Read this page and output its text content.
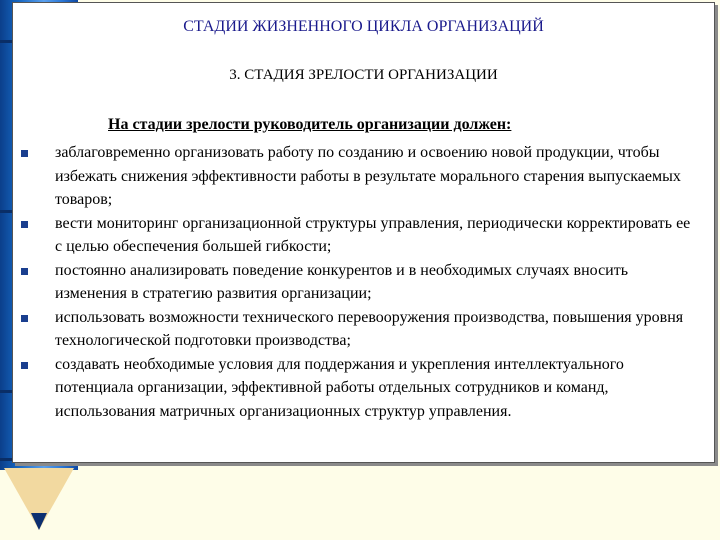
СТАДИИ ЖИЗНЕННОГО ЦИКЛА ОРГАНИЗАЦИЙ
3. СТАДИЯ ЗРЕЛОСТИ ОРГАНИЗАЦИИ
На стадии зрелости руководитель организации должен:
заблаговременно организовать работу по созданию и освоению новой продукции, чтобы избежать снижения эффективности работы в результате морального старения выпускаемых товаров;
вести мониторинг организационной структуры управления, периодически корректировать ее с целью обеспечения большей гибкости;
постоянно анализировать поведение конкурентов и в необходимых случаях вносить изменения в стратегию развития организации;
использовать возможности технического перевооружения производства, повышения уровня технологической подготовки производства;
создавать необходимые условия для поддержания и укрепления интеллектуального потенциала организации, эффективной работы отдельных сотрудников и команд, использования матричных организационных структур управления.
